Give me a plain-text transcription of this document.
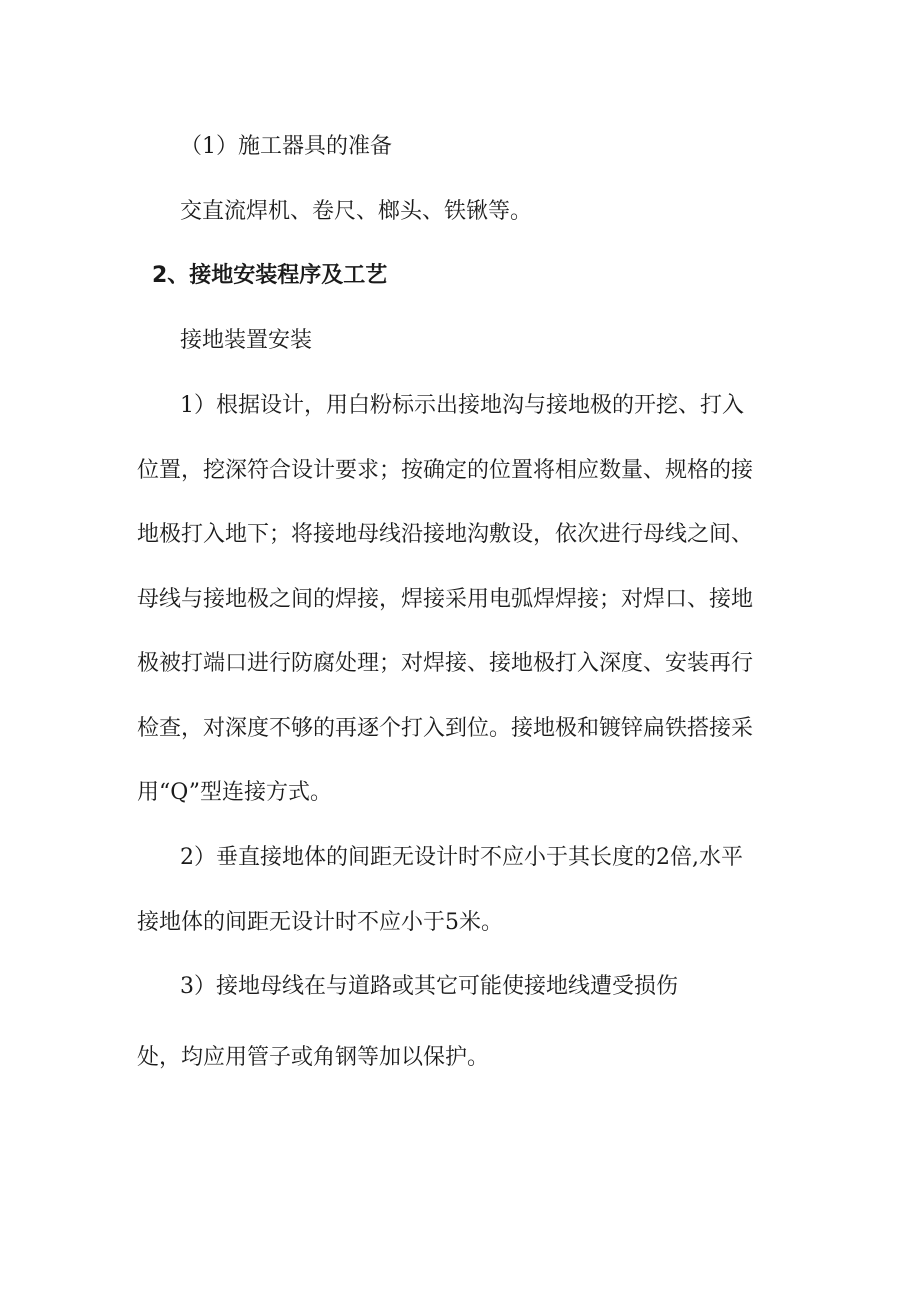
（1）施工器具的准备

交直流焊机、卷尺、榔头、铁锹等。

2、接地安装程序及工艺

接地装置安装

1）根据设计，用白粉标示出接地沟与接地极的开挖、打入

位置，挖深符合设计要求；按确定的位置将相应数量、规格的接

地极打入地下；将接地母线沿接地沟敷设，依次进行母线之间、

母线与接地极之间的焊接，焊接采用电弧焊焊接；对焊口、接地

极被打端口进行防腐处理；对焊接、接地极打入深度、安装再行

检查，对深度不够的再逐个打入到位。接地极和镀锌扁铁搭接采

用“Q”型连接方式。

2）垂直接地体的间距无设计时不应小于其长度的2倍,水平

接地体的间距无设计时不应小于5米。

3）接地母线在与道路或其它可能使接地线遭受损伤

处，均应用管子或角钢等加以保护。
